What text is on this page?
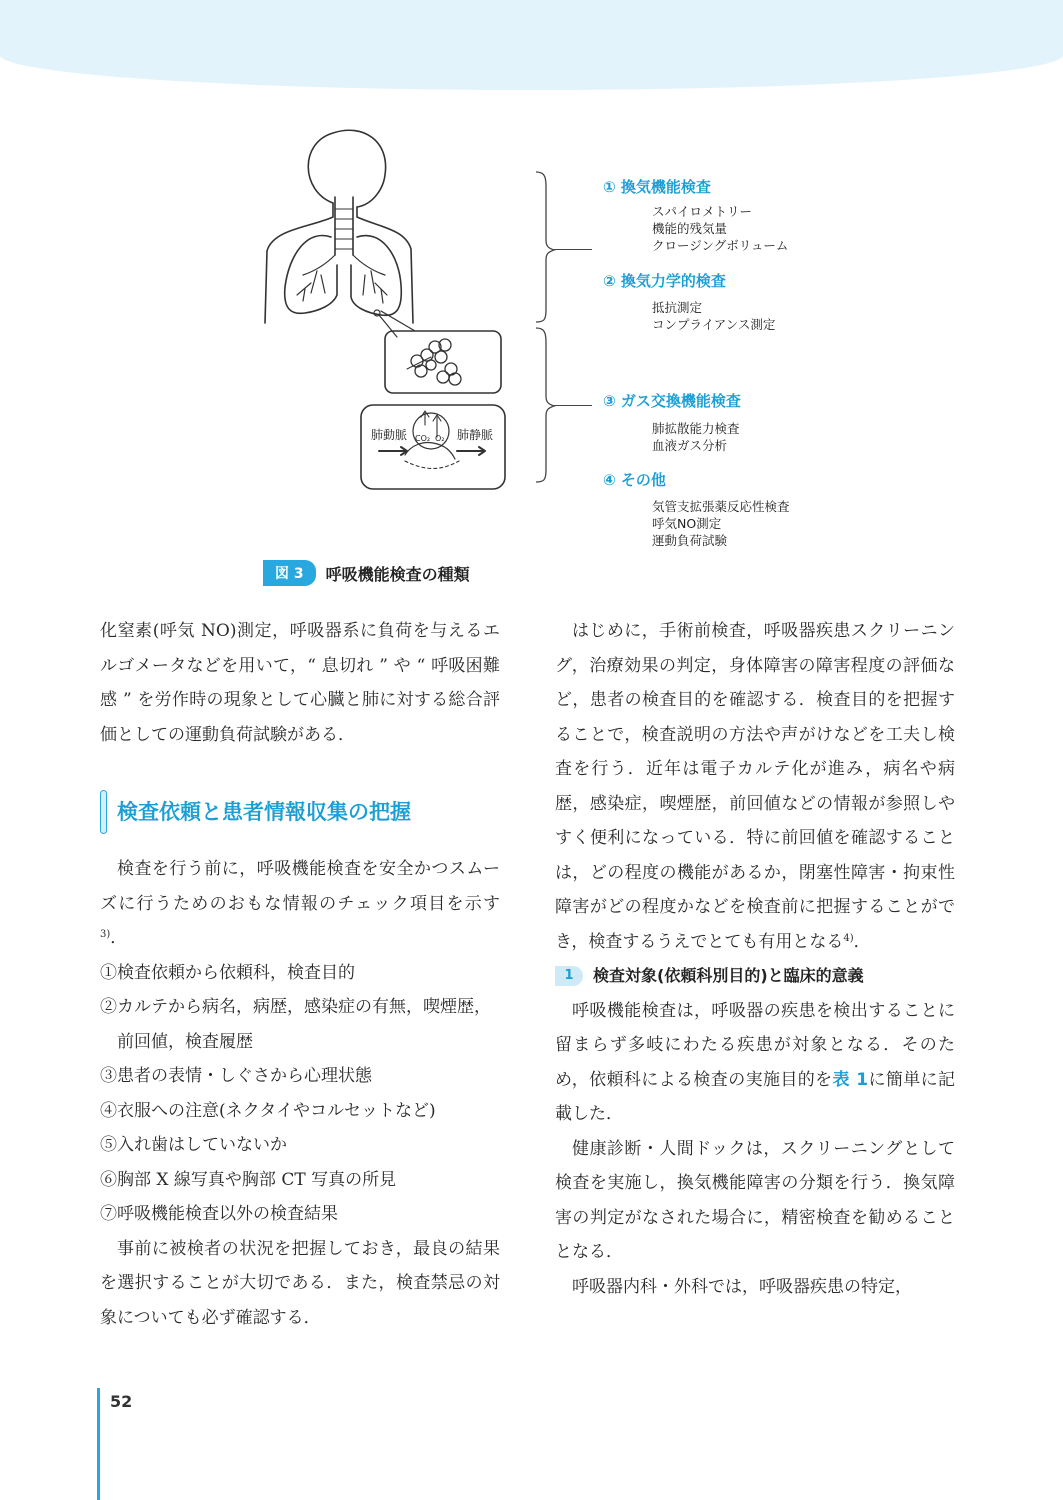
肺動脈	肺静脈
CO₂ O₂
① 換気機能検査
スパイロメトリー
機能的残気量
クロージングボリューム
② 換気力学的検査
抵抗測定
コンプライアンス測定
③ ガス交換機能検査
肺拡散能力検査
血液ガス分析
④ その他
気管支拡張薬反応性検査
呼気NO測定
運動負荷試験
図 3	呼吸機能検査の種類

化窒素(呼気 NO)測定，呼吸器系に負荷を与えるエルゴメータなどを用いて，“ 息切れ ” や “ 呼吸困難感 ” を労作時の現象として心臓と肺に対する総合評価としての運動負荷試験がある．

検査依頼と患者情報収集の把握

検査を行う前に，呼吸機能検査を安全かつスムーズに行うためのおもな情報のチェック項目を示す$^{3)}$．

①検査依頼から依頼科，検査目的
②カルテから病名，病歴，感染症の有無，喫煙歴，前回値，検査履歴
③患者の表情・しぐさから心理状態
④衣服への注意(ネクタイやコルセットなど)
⑤入れ歯はしていないか
⑥胸部 X 線写真や胸部 CT 写真の所見
⑦呼吸機能検査以外の検査結果

事前に被検者の状況を把握しておき，最良の結果を選択することが大切である．また，検査禁忌の対象についても必ず確認する．

はじめに，手術前検査，呼吸器疾患スクリーニング，治療効果の判定，身体障害の障害程度の評価など，患者の検査目的を確認する．検査目的を把握することで，検査説明の方法や声がけなどを工夫し検査を行う．近年は電子カルテ化が進み，病名や病歴，感染症，喫煙歴，前回値などの情報が参照しやすく便利になっている．特に前回値を確認することは，どの程度の機能があるか，閉塞性障害・拘束性障害がどの程度かなどを検査前に把握することができ，検査するうえでとても有用となる$^{4)}$．

1	検査対象(依頼科別目的)と臨床的意義

呼吸機能検査は，呼吸器の疾患を検出することに留まらず多岐にわたる疾患が対象となる．そのため，依頼科による検査の実施目的を表 1に簡単に記載した．

健康診断・人間ドックは，スクリーニングとして検査を実施し，換気機能障害の分類を行う．換気障害の判定がなされた場合に，精密検査を勧めることとなる．

呼吸器内科・外科では，呼吸器疾患の特定，

52
